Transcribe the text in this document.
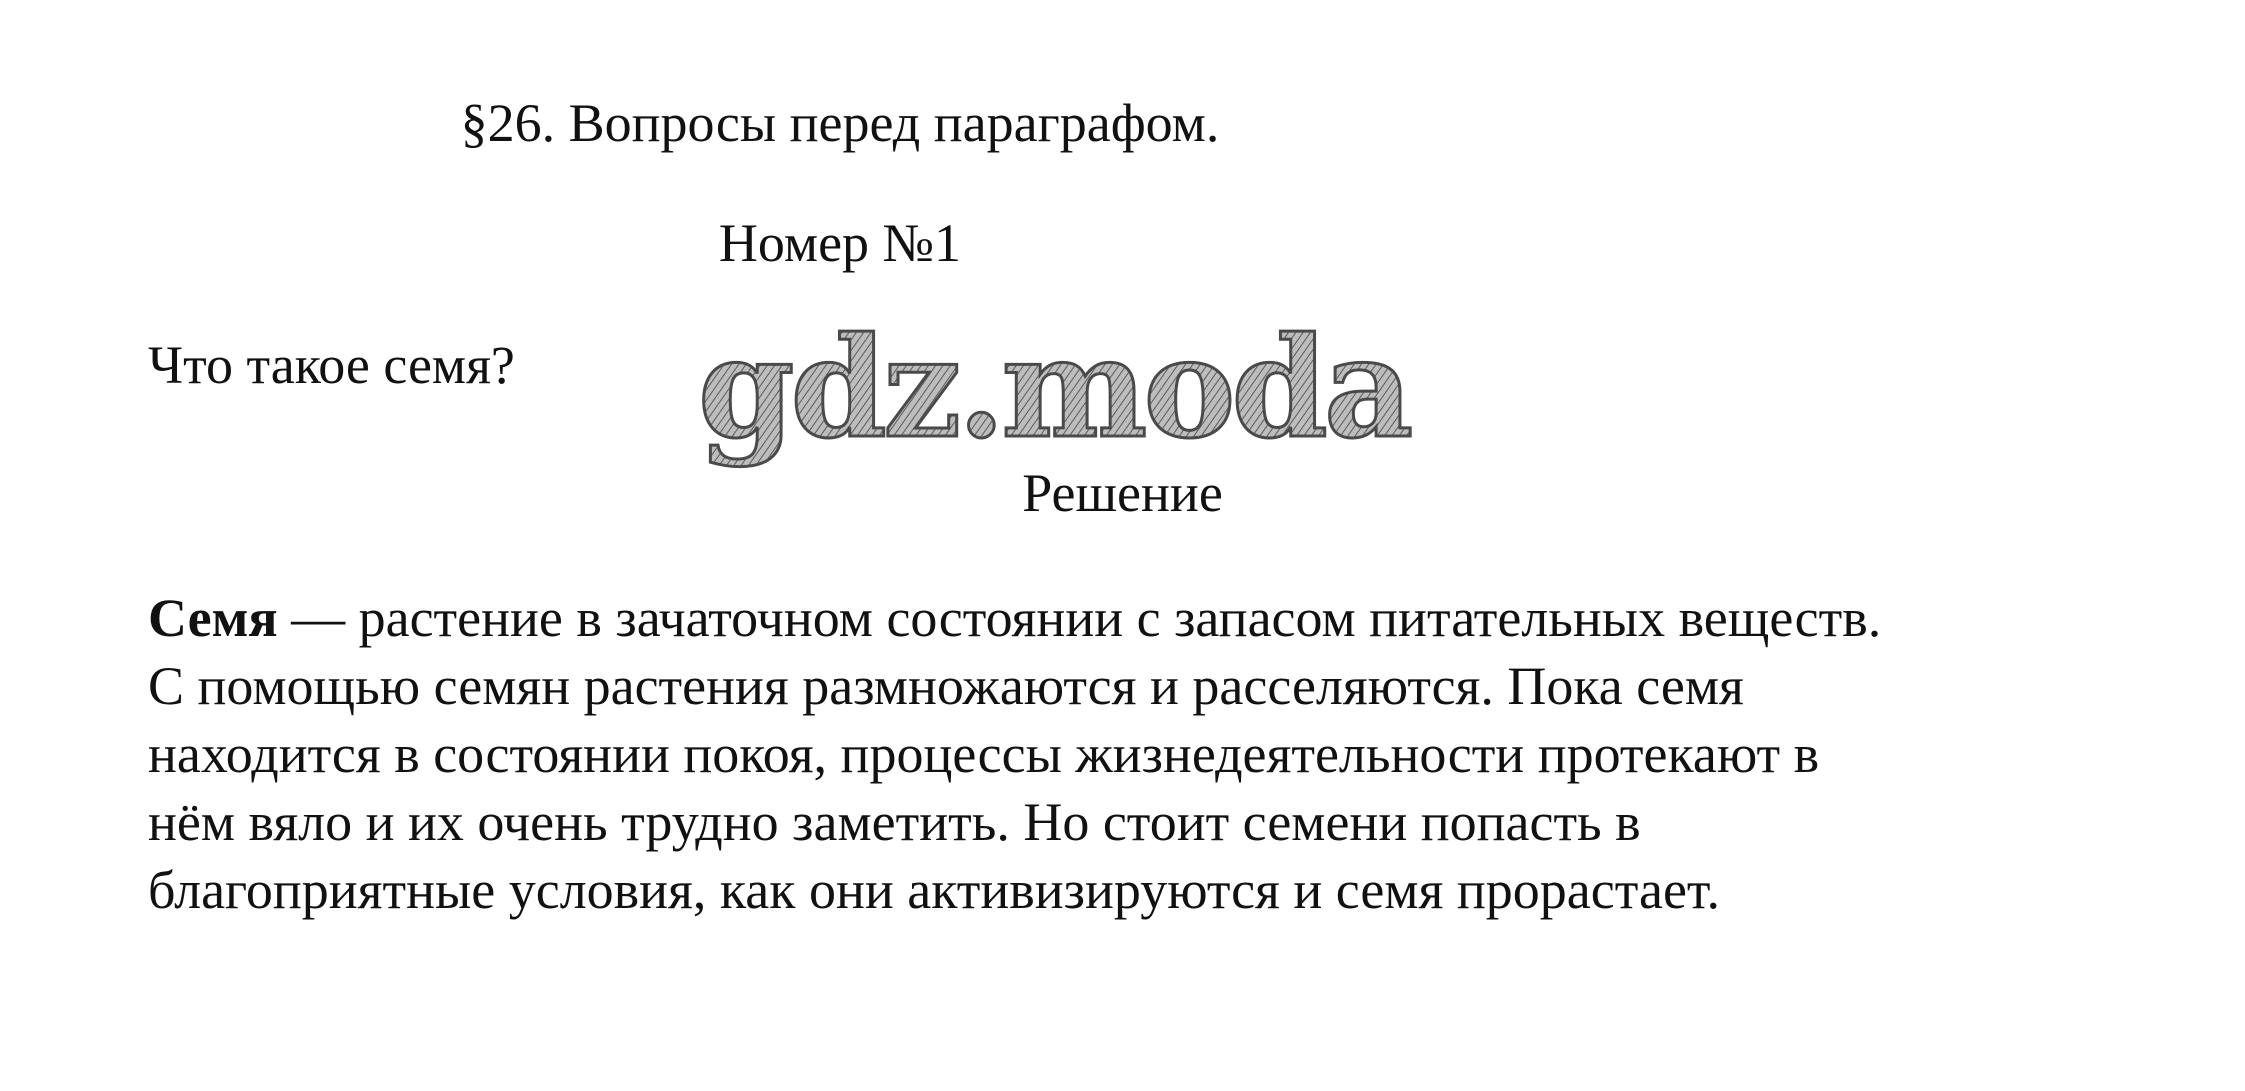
§26. Вопросы перед параграфом.
Номер №1
Что такое семя? gdz.moda
Решение
Семя — растение в зачаточном состоянии с запасом питательных веществ.
С помощью семян растения размножаются и расселяются. Пока семя
находится в состоянии покоя, процессы жизнедеятельности протекают в
нём вяло и их очень трудно заметить. Но стоит семени попасть в
благоприятные условия, как они активизируются и семя прорастает.
